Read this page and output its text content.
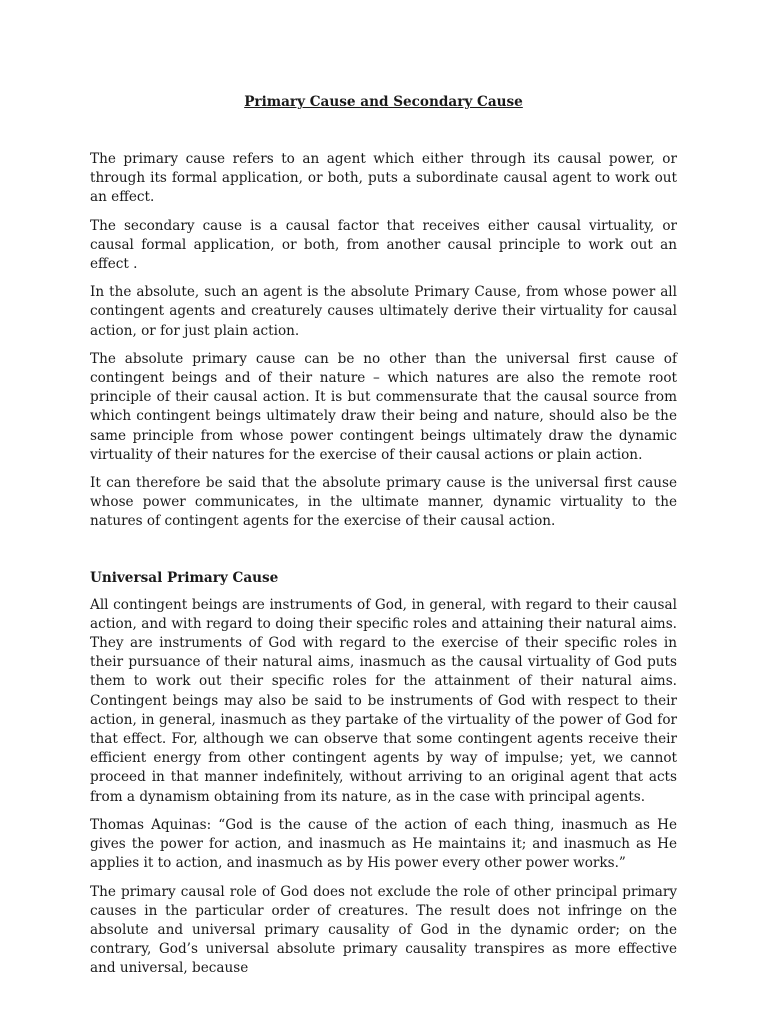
Primary Cause and Secondary Cause

The primary cause refers to an agent which either through its causal power, or through its formal application, or both, puts a subordinate causal agent to work out an effect.

The secondary cause is a causal factor that receives either causal virtuality, or causal formal application, or both, from another causal principle to work out an effect .

In the absolute, such an agent is the absolute Primary Cause, from whose power all contingent agents and creaturely causes ultimately derive their virtuality for causal action, or for just plain action.

The absolute primary cause can be no other than the universal first cause of contingent beings and of their nature – which natures are also the remote root principle of their causal action. It is but commensurate that the causal source from which contingent beings ultimately draw their being and nature, should also be the same principle from whose power contingent beings ultimately draw the dynamic virtuality of their natures for the exercise of their causal actions or plain action.

It can therefore be said that the absolute primary cause is the universal first cause whose power communicates, in the ultimate manner, dynamic virtuality to the natures of contingent agents for the exercise of their causal action.

Universal Primary Cause

All contingent beings are instruments of God, in general, with regard to their causal action, and with regard to doing their specific roles and attaining their natural aims. They are instruments of God with regard to the exercise of their specific roles in their pursuance of their natural aims, inasmuch as the causal virtuality of God puts them to work out their specific roles for the attainment of their natural aims. Contingent beings may also be said to be instruments of God with respect to their action, in general, inasmuch as they partake of the virtuality of the power of God for that effect. For, although we can observe that some contingent agents receive their efficient energy from other contingent agents by way of impulse; yet, we cannot proceed in that manner indefinitely, without arriving to an original agent that acts from a dynamism obtaining from its nature, as in the case with principal agents.

Thomas Aquinas: “God is the cause of the action of each thing, inasmuch as He gives the power for action, and inasmuch as He maintains it; and inasmuch as He applies it to action, and inasmuch as by His power every other power works.”

The primary causal role of God does not exclude the role of other principal primary causes in the particular order of creatures. The result does not infringe on the absolute and universal primary causality of God in the dynamic order; on the contrary, God’s universal absolute primary causality transpires as more effective and universal, because
